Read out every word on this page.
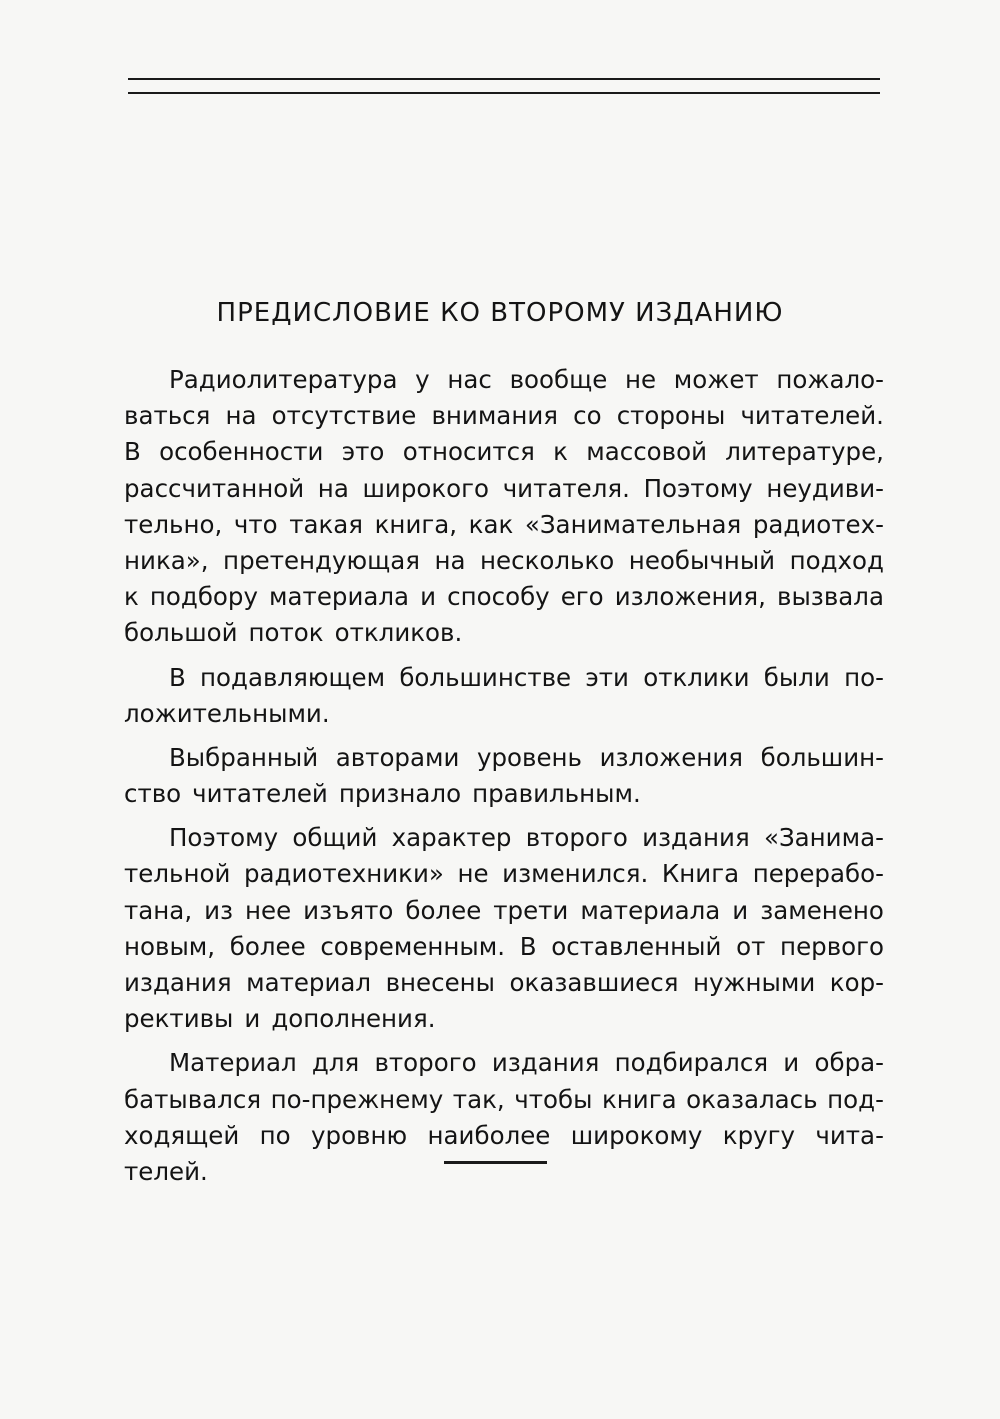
ПРЕДИСЛОВИЕ КО ВТОРОМУ ИЗДАНИЮ
Радиолитература у нас вообще не может пожало-
ваться на отсутствие внимания со стороны читателей.
В особенности это относится к массовой литературе,
рассчитанной на широкого читателя. Поэтому неудиви-
тельно, что такая книга, как «Занимательная радиотех-
ника», претендующая на несколько необычный подход
к подбору материала и способу его изложения, вызвала
большой поток откликов.
В подавляющем большинстве эти отклики были по-
ложительными.
Выбранный авторами уровень изложения большин-
ство читателей признало правильным.
Поэтому общий характер второго издания «Занима-
тельной радиотехники» не изменился. Книга перерабо-
тана, из нее изъято более трети материала и заменено
новым, более современным. В оставленный от первого
издания материал внесены оказавшиеся нужными кор-
рективы и дополнения.
Материал для второго издания подбирался и обра-
батывался по-прежнему так, чтобы книга оказалась под-
ходящей по уровню наиболее широкому кругу чита-
телей.
